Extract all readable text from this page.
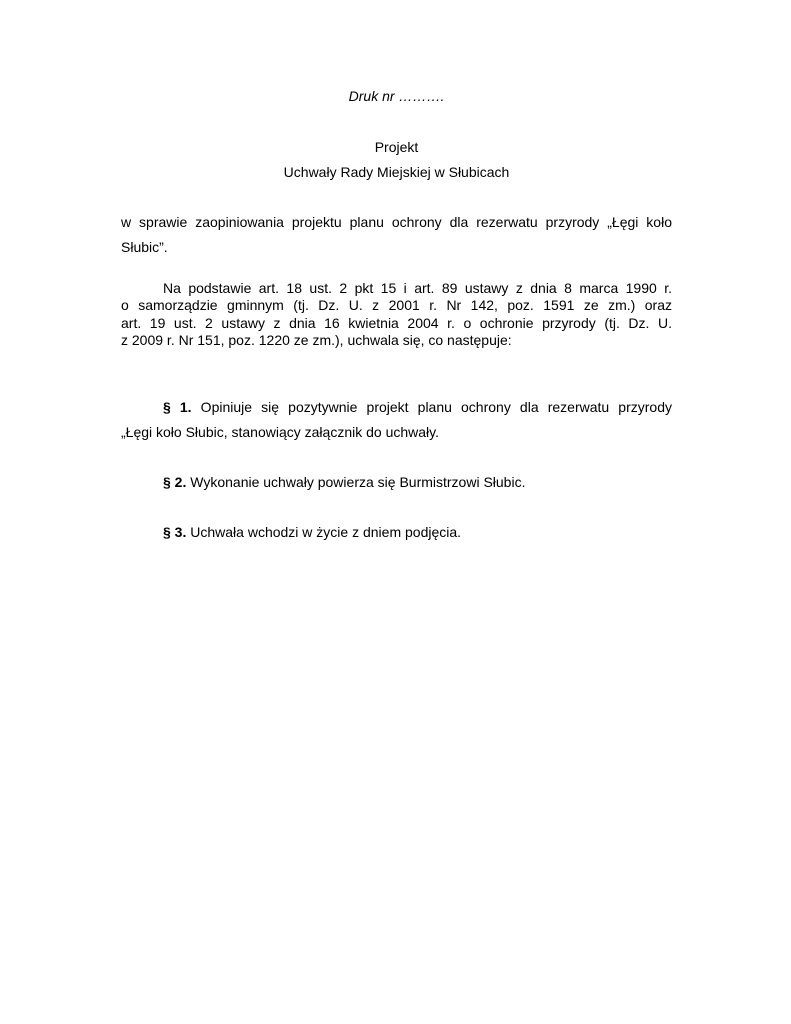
Druk nr ……….
Projekt
Uchwały Rady Miejskiej w Słubicach
w sprawie zaopiniowania projektu planu ochrony dla rezerwatu przyrody „Łęgi koło
Słubic”.
Na podstawie art. 18 ust. 2 pkt 15 i art. 89 ustawy z dnia 8 marca 1990 r.
o samorządzie gminnym (tj. Dz. U. z 2001 r. Nr 142, poz. 1591 ze zm.) oraz
art. 19 ust. 2 ustawy z dnia 16 kwietnia 2004 r. o ochronie przyrody (tj. Dz. U.
z 2009 r. Nr 151, poz. 1220 ze zm.), uchwala się, co następuje:
§ 1. Opiniuje się pozytywnie projekt planu ochrony dla rezerwatu przyrody
„Łęgi koło Słubic, stanowiący załącznik do uchwały.
§ 2. Wykonanie uchwały powierza się Burmistrzowi Słubic.
§ 3. Uchwała wchodzi w życie z dniem podjęcia.
